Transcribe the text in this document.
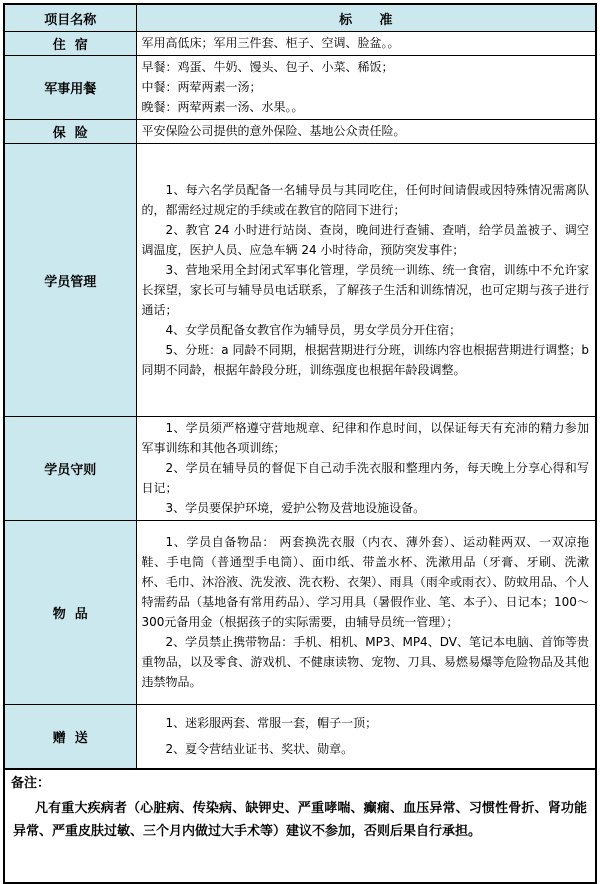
项目名称	标      准
住  宿	军用高低床；军用三件套、柜子、空调、脸盆。。

军事用餐	早餐：鸡蛋、牛奶、馒头、包子、小菜、稀饭；

中餐：两荤两素一汤；

晚餐：两荤两素一汤、水果。。

保  险	平安保险公司提供的意外保险、基地公众责任险。

学员管理	1、每六名学员配备一名辅导员与其同吃住，任何时间请假或因特殊情况需离队的，都需经过规定的手续或在教官的陪同下进行；

2、教官 24 小时进行站岗、查岗，晚间进行查铺、查哨，给学员盖被子、调空调温度，医护人员、应急车辆 24 小时待命，预防突发事件；

3、营地采用全封闭式军事化管理，学员统一训练、统一食宿，训练中不允许家长探望，家长可与辅导员电话联系，了解孩子生活和训练情况，也可定期与孩子进行通话；

4、女学员配备女教官作为辅导员，男女学员分开住宿；

5、分班：a 同龄不同期，根据营期进行分班，训练内容也根据营期进行调整；b 同期不同龄，根据年龄段分班，训练强度也根据年龄段调整。

学员守则	1、学员须严格遵守营地规章、纪律和作息时间，以保证每天有充沛的精力参加军事训练和其他各项训练；

2、学员在辅导员的督促下自己动手洗衣服和整理内务，每天晚上分享心得和写日记；

3、学员要保护环境，爱护公物及营地设施设备。

物  品	1、学员自备物品： 两套换洗衣服（内衣、薄外套）、运动鞋两双、一双凉拖鞋、手电筒（普通型手电筒）、面巾纸、带盖水杯、洗漱用品（牙膏、牙刷、洗漱杯、毛巾、沐浴液、洗发液、洗衣粉、衣架）、雨具（雨伞或雨衣）、防蚊用品、个人特需药品（基地备有常用药品）、学习用具（暑假作业、笔、本子）、日记本；100～300元备用金（根据孩子的实际需要，由辅导员统一管理）；

2、学员禁止携带物品：手机、相机、MP3、MP4、DV、笔记本电脑、首饰等贵重物品，以及零食、游戏机、不健康读物、宠物、刀具、易燃易爆等危险物品及其他违禁物品。

赠  送	1、迷彩服两套、常服一套，帽子一顶；

2、夏令营结业证书、奖状、勋章。

备注：
凡有重大疾病者（心脏病、传染病、缺钾史、严重哮喘、癫痫、血压异常、习惯性骨折、肾功能异常、严重皮肤过敏、三个月内做过大手术等）建议不参加，否则后果自行承担。
